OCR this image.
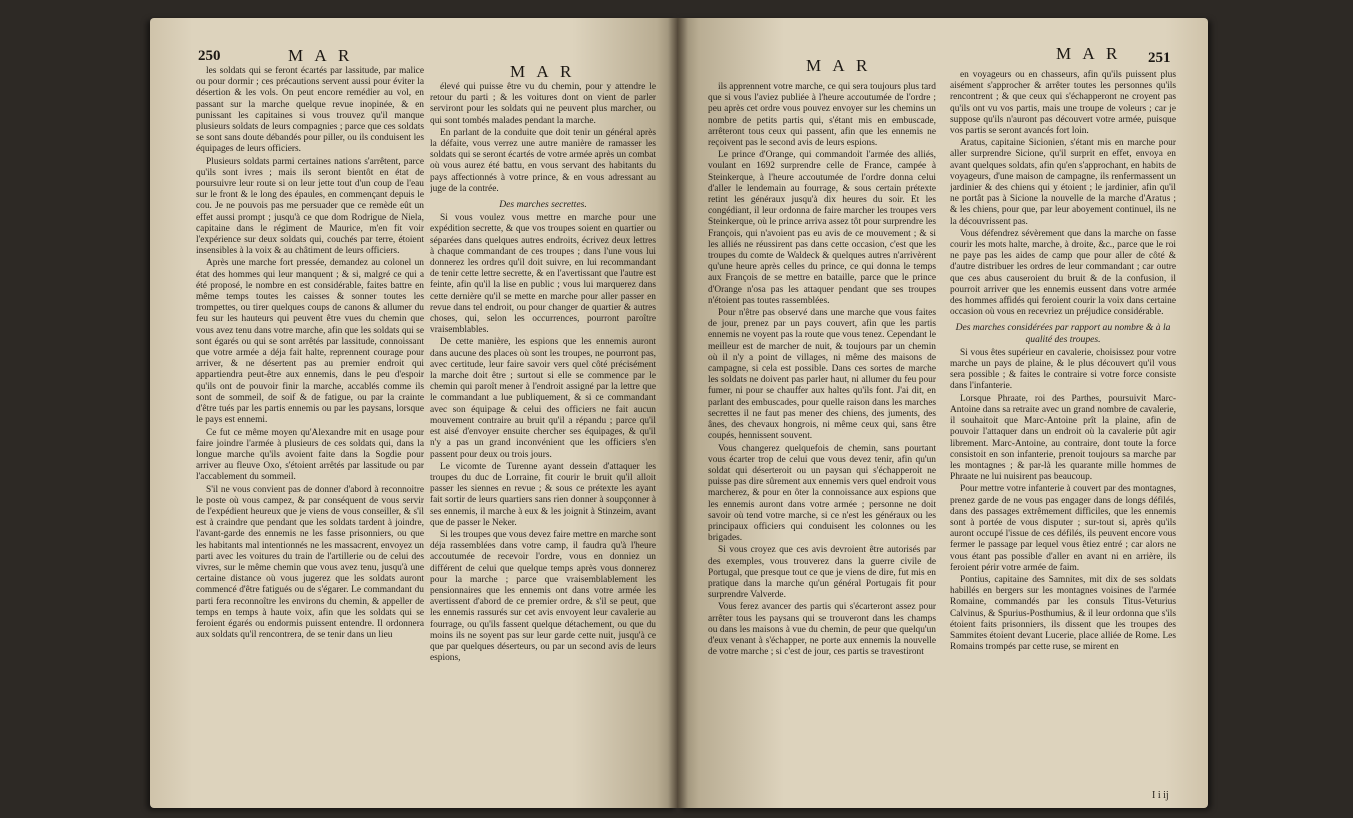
250	M A R
M A R

les soldats qui se feront écartés par lassitude, par malice ou pour dormir ; ces précautions servent aussi pour éviter la désertion & les vols. On peut encore remédier au vol, en passant sur la marche quelque revue inopinée, & en punissant les capitaines si vous trouvez qu'il manque plusieurs soldats de leurs compagnies ; parce que ces soldats se sont sans doute débandés pour piller, ou ils conduisent les équipages de leurs officiers.

Plusieurs soldats parmi certaines nations s'arrêtent, parce qu'ils sont ivres ; mais ils seront bientôt en état de poursuivre leur route si on leur jette tout d'un coup de l'eau sur le front & le long des épaules, en commençant depuis le cou. Je ne pouvois pas me persuader que ce remède eût un effet aussi prompt ; jusqu'à ce que dom Rodrigue de Niela, capitaine dans le régiment de Maurice, m'en fit voir l'expérience sur deux soldats qui, couchés par terre, étoient insensibles à la voix & au châtiment de leurs officiers.

Après une marche fort pressée, demandez au colonel un état des hommes qui leur manquent ; & si, malgré ce qui a été proposé, le nombre en est considérable, faites battre en même temps toutes les caisses & sonner toutes les trompettes, ou tirer quelques coups de canons & allumer du feu sur les hauteurs qui peuvent être vues du chemin que vous avez tenu dans votre marche, afin que les soldats qui se sont égarés ou qui se sont arrêtés par lassitude, connoissant que votre armée a déja fait halte, reprennent courage pour arriver, & ne désertent pas au premier endroit qui appartiendra peut-être aux ennemis, dans le peu d'espoir qu'ils ont de pouvoir finir la marche, accablés comme ils sont de sommeil, de soif & de fatigue, ou par la crainte d'être tués par les partis ennemis ou par les paysans, lorsque le pays est ennemi.

Ce fut ce même moyen qu'Alexandre mit en usage pour faire joindre l'armée à plusieurs de ces soldats qui, dans la longue marche qu'ils avoient faite dans la Sogdie pour arriver au fleuve Oxo, s'étoient arrêtés par lassitude ou par l'accablement du sommeil.

S'il ne vous convient pas de donner d'abord à reconnoitre le poste où vous campez, & par conséquent de vous servir de l'expédient heureux que je viens de vous conseiller, & s'il est à craindre que pendant que les soldats tardent à joindre, l'avant-garde des ennemis ne les fasse prisonniers, ou que les habitants mal intentionnés ne les massacrent, envoyez un parti avec les voitures du train de l'artillerie ou de celui des vivres, sur le même chemin que vous avez tenu, jusqu'à une certaine distance où vous jugerez que les soldats auront commencé d'être fatigués ou de s'égarer. Le commandant du parti fera reconnoître les environs du chemin, & appeller de temps en temps à haute voix, afin que les soldats qui se feroient égarés ou endormis puissent entendre. Il ordonnera aux soldats qu'il rencontrera, de se tenir dans un lieu

élevé qui puisse être vu du chemin, pour y attendre le retour du parti ; & les voitures dont on vient de parler serviront pour les soldats qui ne peuvent plus marcher, ou qui sont tombés malades pendant la marche.

En parlant de la conduite que doit tenir un général après la défaite, vous verrez une autre manière de ramasser les soldats qui se seront écartés de votre armée après un combat où vous aurez été battu, en vous servant des habitants du pays affectionnés à votre prince, & en vous adressant au juge de la contrée.

Des marches secrettes.

Si vous voulez vous mettre en marche pour une expédition secrette, & que vos troupes soient en quartier ou séparées dans quelques autres endroits, écrivez deux lettres à chaque commandant de ces troupes ; dans l'une vous lui donnerez les ordres qu'il doit suivre, en lui recommandant de tenir cette lettre secrette, & en l'avertissant que l'autre est feinte, afin qu'il la lise en public ; vous lui marquerez dans cette dernière qu'il se mette en marche pour aller passer en revue dans tel endroit, ou pour changer de quartier & autres choses, qui, selon les occurrences, pourront paroître vraisemblables.

De cette manière, les espions que les ennemis auront dans aucune des places où sont les troupes, ne pourront pas, avec certitude, leur faire savoir vers quel côté précisément la marche doit être ; surtout si elle se commence par le chemin qui paroît mener à l'endroit assigné par la lettre que le commandant a lue publiquement, & si ce commandant avec son équipage & celui des officiers ne fait aucun mouvement contraire au bruit qu'il a répandu ; parce qu'il est aisé d'envoyer ensuite chercher ses équipages, & qu'il n'y a pas un grand inconvénient que les officiers s'en passent pour deux ou trois jours.

Le vicomte de Turenne ayant dessein d'attaquer les troupes du duc de Lorraine, fit courir le bruit qu'il alloit passer les siennes en revue ; & sous ce prétexte les ayant fait sortir de leurs quartiers sans rien donner à soupçonner à ses ennemis, il marche à eux & les joignit à Stinzeim, avant que de passer le Neker.

Si les troupes que vous devez faire mettre en marche sont déja rassemblées dans votre camp, il faudra qu'à l'heure accoutumée de recevoir l'ordre, vous en donniez un différent de celui que quelque temps après vous donnerez pour la marche ; parce que vraisemblablement les pensionnaires que les ennemis ont dans votre armée les avertissent d'abord de ce premier ordre, & s'il se peut, que les ennemis rassurés sur cet avis envoyent leur cavalerie au fourrage, ou qu'ils fassent quelque détachement, ou que du moins ils ne soyent pas sur leur garde cette nuit, jusqu'à ce que par quelques déserteurs, ou par un second avis de leurs espions,

M A R
M A R 251

ils apprennent votre marche, ce qui sera toujours plus tard que si vous l'aviez publiée à l'heure accoutumée de l'ordre ; peu après cet ordre vous pouvez envoyer sur les chemins un nombre de petits partis qui, s'étant mis en embuscade, arrêteront tous ceux qui passent, afin que les ennemis ne reçoivent pas le second avis de leurs espions.

Le prince d'Orange, qui commandoit l'armée des alliés, voulant en 1692 surprendre celle de France, campée à Steinkerque, à l'heure accoutumée de l'ordre donna celui d'aller le lendemain au fourrage, & sous certain prétexte retint les généraux jusqu'à dix heures du soir. Et les congédiant, il leur ordonna de faire marcher les troupes vers Steinkerque, où le prince arriva assez tôt pour surprendre les François, qui n'avoient pas eu avis de ce mouvement ; & si les alliés ne réussirent pas dans cette occasion, c'est que les troupes du comte de Waldeck & quelques autres n'arrivèrent qu'une heure après celles du prince, ce qui donna le temps aux François de se mettre en bataille, parce que le prince d'Orange n'osa pas les attaquer pendant que ses troupes n'étoient pas toutes rassemblées.

Pour n'être pas observé dans une marche que vous faites de jour, prenez par un pays couvert, afin que les partis ennemis ne voyent pas la route que vous tenez. Cependant le meilleur est de marcher de nuit, & toujours par un chemin où il n'y a point de villages, ni même des maisons de campagne, si cela est possible. Dans ces sortes de marche les soldats ne doivent pas parler haut, ni allumer du feu pour fumer, ni pour se chauffer aux haltes qu'ils font. J'ai dit, en parlant des embuscades, pour quelle raison dans les marches secrettes il ne faut pas mener des chiens, des juments, des ânes, des chevaux hongrois, ni même ceux qui, sans être coupés, hennissent souvent.

Vous changerez quelquefois de chemin, sans pourtant vous écarter trop de celui que vous devez tenir, afin qu'un soldat qui déserteroit ou un paysan qui s'échapperoit ne puisse pas dire sûrement aux ennemis vers quel endroit vous marcherez, & pour en ôter la connoissance aux espions que les ennemis auront dans votre armée ; personne ne doit savoir où tend votre marche, si ce n'est les généraux ou les principaux officiers qui conduisent les colonnes ou les brigades.

Si vous croyez que ces avis devroient être autorisés par des exemples, vous trouverez dans la guerre civile de Portugal, que presque tout ce que je viens de dire, fut mis en pratique dans la marche qu'un général Portugais fit pour surprendre Valverde.

Vous ferez avancer des partis qui s'écarteront assez pour arrêter tous les paysans qui se trouveront dans les champs ou dans les maisons à vue du chemin, de peur que quelqu'un d'eux venant à s'échapper, ne porte aux ennemis la nouvelle de votre marche ; si c'est de jour, ces partis se travestiront

en voyageurs ou en chasseurs, afin qu'ils puissent plus aisément s'approcher & arrêter toutes les personnes qu'ils rencontrent ; & que ceux qui s'échapperont ne croyent pas qu'ils ont vu vos partis, mais une troupe de voleurs ; car je suppose qu'ils n'auront pas découvert votre armée, puisque vos partis se seront avancés fort loin.

Aratus, capitaine Sicionien, s'étant mis en marche pour aller surprendre Sicione, qu'il surprit en effet, envoya en avant quelques soldats, afin qu'en s'approchant, en habits de voyageurs, d'une maison de campagne, ils renfermassent un jardinier & des chiens qui y étoient ; le jardinier, afin qu'il ne portât pas à Sicione la nouvelle de la marche d'Aratus ; & les chiens, pour que, par leur aboyement continuel, ils ne la découvrissent pas.

Vous défendrez sévèrement que dans la marche on fasse courir les mots halte, marche, à droite, &c., parce que le roi ne paye pas les aides de camp que pour aller de côté & d'autre distribuer les ordres de leur commandant ; car outre que ces abus causeroient du bruit & de la confusion, il pourroit arriver que les ennemis eussent dans votre armée des hommes affidés qui feroient courir la voix dans certaine occasion où vous en recevriez un préjudice considérable.

Des marches considérées par rapport au nombre & à la qualité des troupes.

Si vous êtes supérieur en cavalerie, choisissez pour votre marche un pays de plaine, & le plus découvert qu'il vous sera possible ; & faites le contraire si votre force consiste dans l'infanterie.

Lorsque Phraate, roi des Parthes, poursuivit Marc-Antoine dans sa retraite avec un grand nombre de cavalerie, il souhaitoit que Marc-Antoine prît la plaine, afin de pouvoir l'attaquer dans un endroit où la cavalerie pût agir librement. Marc-Antoine, au contraire, dont toute la force consistoit en son infanterie, prenoit toujours sa marche par les montagnes ; & par-là les quarante mille hommes de Phraate ne lui nuisirent pas beaucoup.

Pour mettre votre infanterie à couvert par des montagnes, prenez garde de ne vous pas engager dans de longs défilés, dans des passages extrêmement difficiles, que les ennemis sont à portée de vous disputer ; sur-tout si, après qu'ils auront occupé l'issue de ces défilés, ils peuvent encore vous fermer le passage par lequel vous êtiez entré ; car alors ne vous étant pas possible d'aller en avant ni en arrière, ils feroient périr votre armée de faim.

Pontius, capitaine des Samnites, mit dix de ses soldats habillés en bergers sur les montagnes voisines de l'armée Romaine, commandés par les consuls Titus-Veturius Calvinus, & Spurius-Posthumius, & il leur ordonna que s'ils étoient faits prisonniers, ils dissent que les troupes des Sammites étoient devant Lucerie, place alliée de Rome. Les Romains trompés par cette ruse, se mirent en

I i ij
